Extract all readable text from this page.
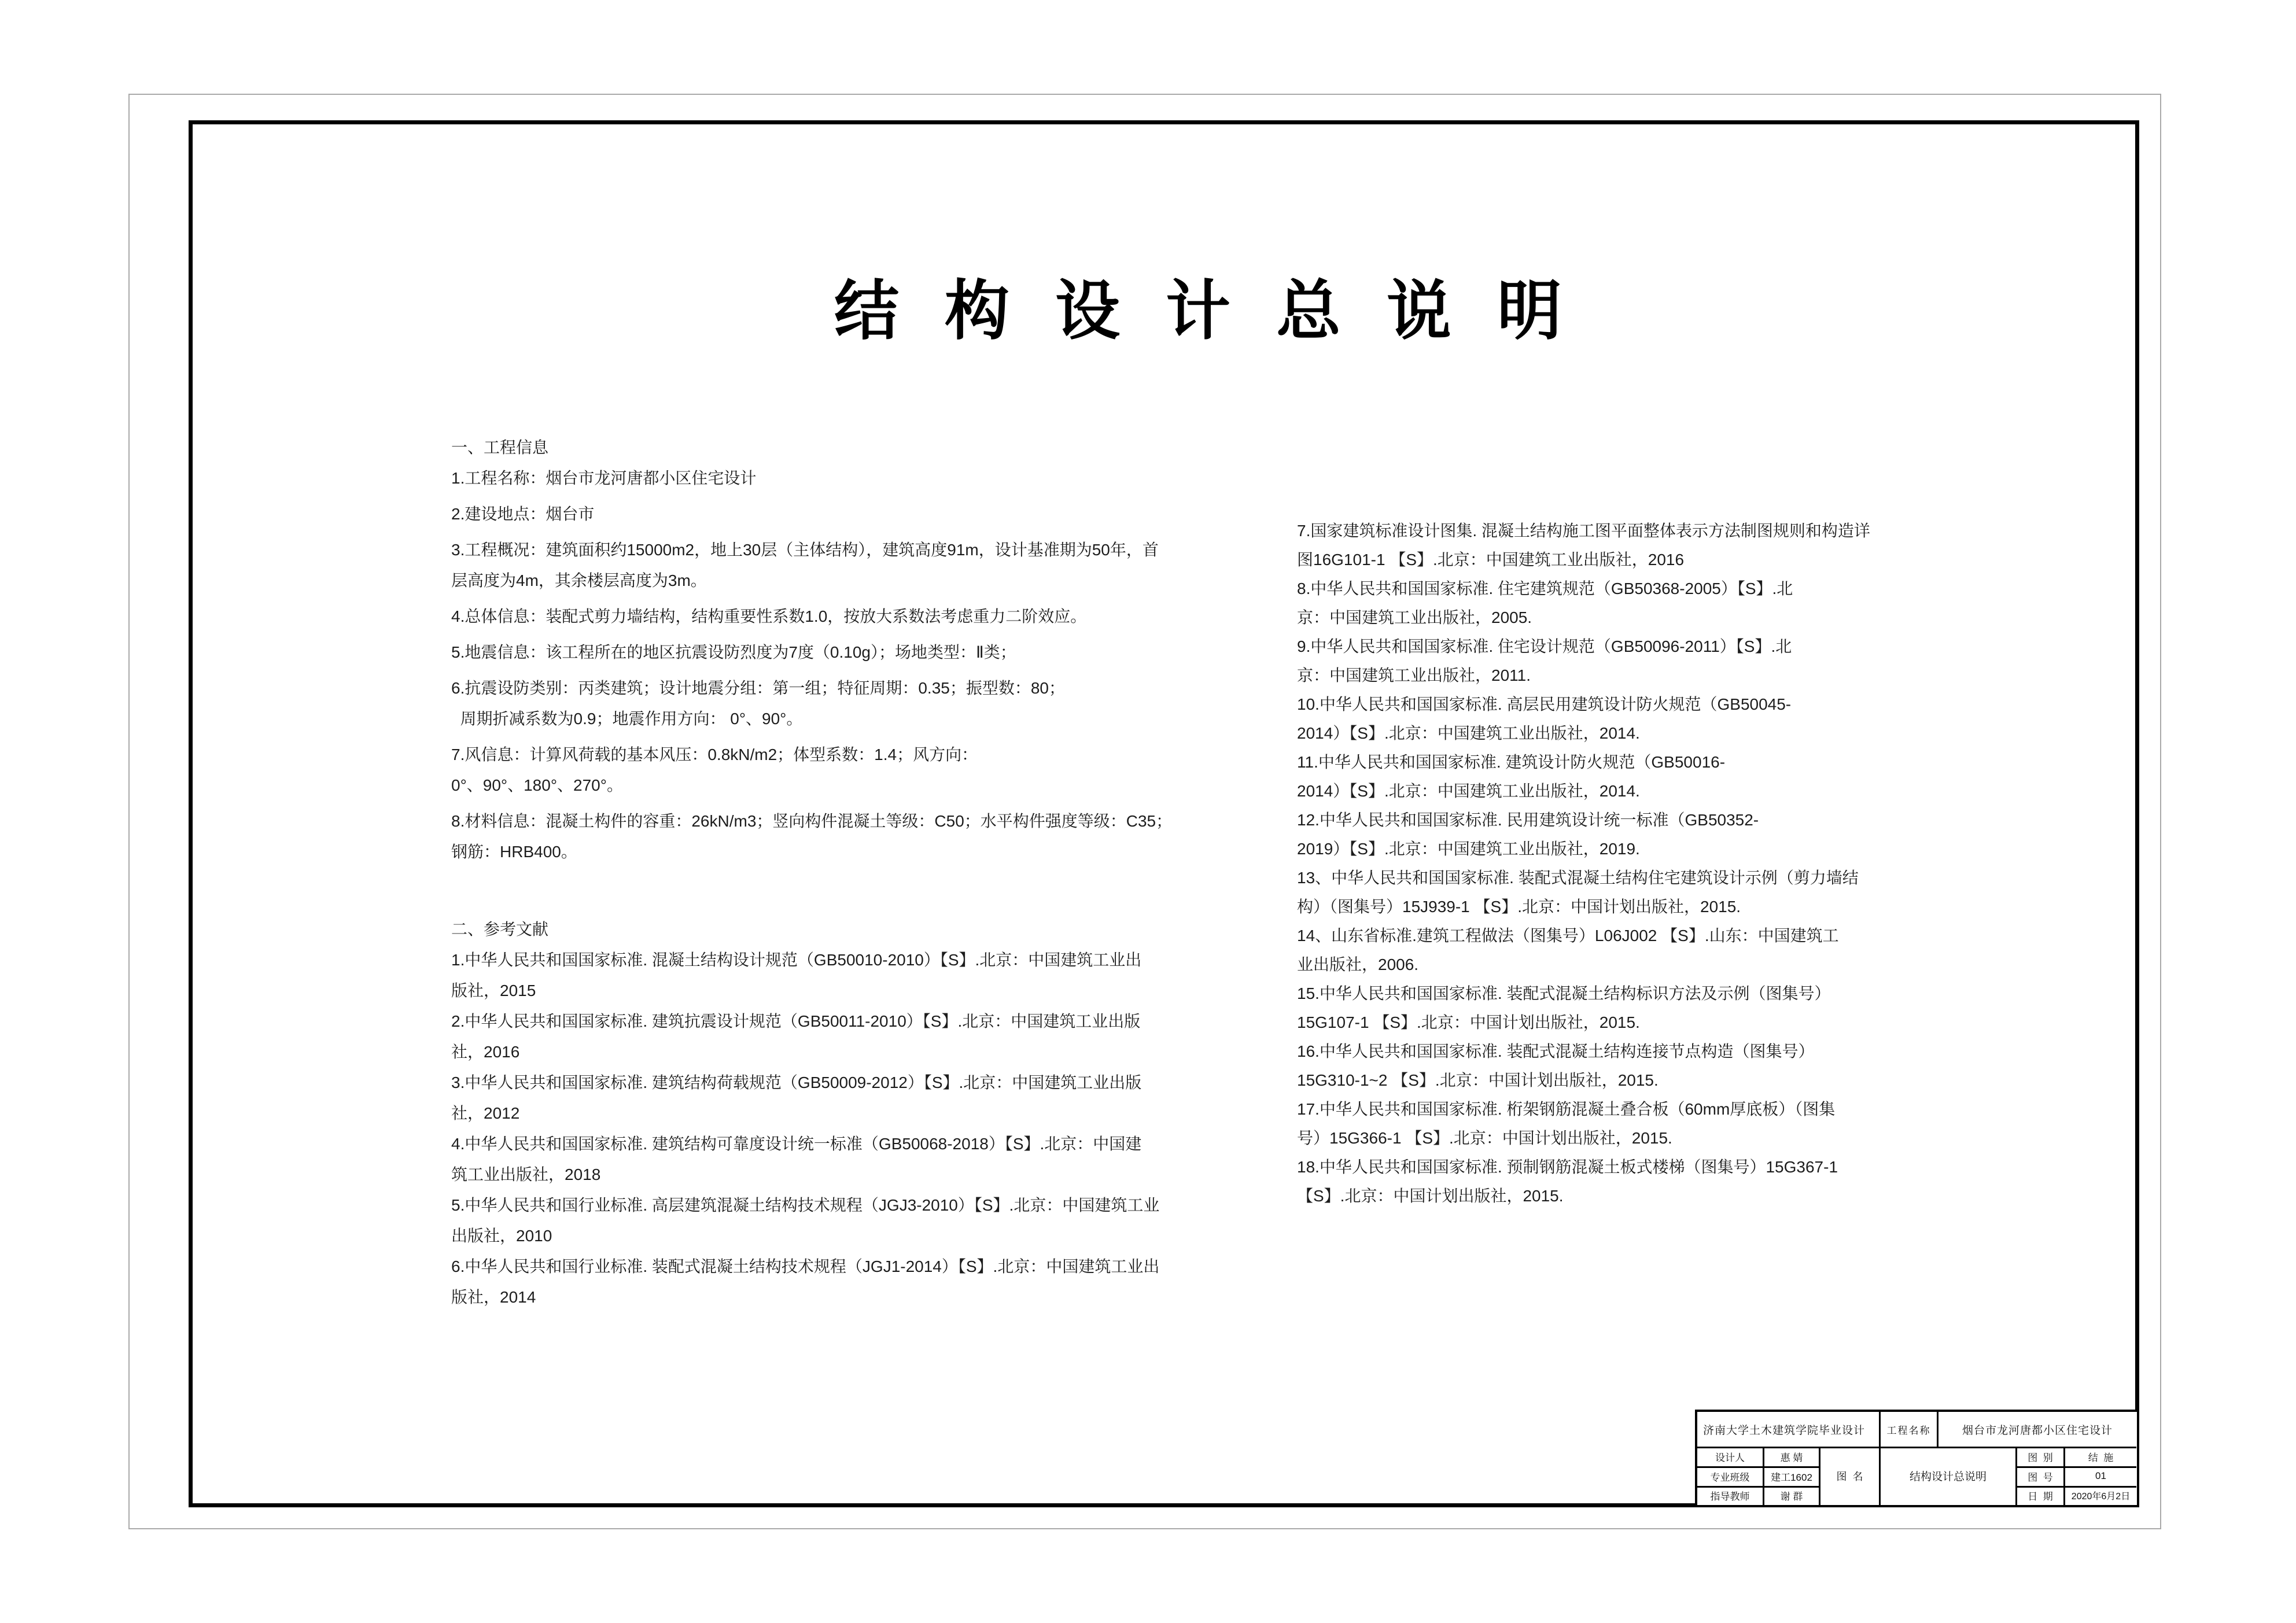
结构设计总说明
一、工程信息
1.工程名称：烟台市龙河唐都小区住宅设计
2.建设地点：烟台市
3.工程概况：建筑面积约15000m2，地上30层（主体结构），建筑高度91m，设计基准期为50年，首
层高度为4m，其余楼层高度为3m。
4.总体信息：装配式剪力墙结构，结构重要性系数1.0，按放大系数法考虑重力二阶效应。
5.地震信息：该工程所在的地区抗震设防烈度为7度（0.10g）；场地类型：Ⅱ类；
6.抗震设防类别：丙类建筑；设计地震分组：第一组；特征周期：0.35；振型数：80；
周期折减系数为0.9；地震作用方向： 0°、90°。
7.风信息：计算风荷载的基本风压：0.8kN/m2；体型系数：1.4；风方向：
0°、90°、180°、270°。
8.材料信息：混凝土构件的容重：26kN/m3；竖向构件混凝土等级：C50；水平构件强度等级：C35；
钢筋：HRB400。
二、参考文献
1.中华人民共和国国家标准. 混凝土结构设计规范（GB50010-2010）【S】.北京：中国建筑工业出
版社，2015
2.中华人民共和国国家标准. 建筑抗震设计规范（GB50011-2010）【S】.北京：中国建筑工业出版
社，2016
3.中华人民共和国国家标准. 建筑结构荷载规范（GB50009-2012）【S】.北京：中国建筑工业出版
社，2012
4.中华人民共和国国家标准. 建筑结构可靠度设计统一标准（GB50068-2018）【S】.北京：中国建
筑工业出版社，2018
5.中华人民共和国行业标准. 高层建筑混凝土结构技术规程（JGJ3-2010）【S】.北京：中国建筑工业
出版社，2010
6.中华人民共和国行业标准. 装配式混凝土结构技术规程（JGJ1-2014）【S】.北京：中国建筑工业出
版社，2014
7.国家建筑标准设计图集. 混凝土结构施工图平面整体表示方法制图规则和构造详
图16G101-1 【S】.北京：中国建筑工业出版社，2016
8.中华人民共和国国家标准. 住宅建筑规范（GB50368-2005）【S】.北
京：中国建筑工业出版社，2005.
9.中华人民共和国国家标准. 住宅设计规范（GB50096-2011）【S】.北
京：中国建筑工业出版社，2011.
10.中华人民共和国国家标准. 高层民用建筑设计防火规范（GB50045-
2014）【S】.北京：中国建筑工业出版社，2014.
11.中华人民共和国国家标准. 建筑设计防火规范（GB50016-
2014）【S】.北京：中国建筑工业出版社，2014.
12.中华人民共和国国家标准. 民用建筑设计统一标准（GB50352-
2019）【S】.北京：中国建筑工业出版社，2019.
13、中华人民共和国国家标准. 装配式混凝土结构住宅建筑设计示例（剪力墙结
构）（图集号）15J939-1 【S】.北京：中国计划出版社，2015.
14、山东省标准.建筑工程做法（图集号）L06J002 【S】.山东：中国建筑工
业出版社，2006.
15.中华人民共和国国家标准. 装配式混凝土结构标识方法及示例（图集号）
15G107-1 【S】.北京：中国计划出版社，2015.
16.中华人民共和国国家标准. 装配式混凝土结构连接节点构造（图集号）
15G310-1~2 【S】.北京：中国计划出版社，2015.
17.中华人民共和国国家标准. 桁架钢筋混凝土叠合板（60mm厚底板）（图集
号）15G366-1 【S】.北京：中国计划出版社，2015.
18.中华人民共和国国家标准. 预制钢筋混凝土板式楼梯（图集号）15G367-1
【S】.北京：中国计划出版社，2015.
济南大学土木建筑学院毕业设计	工程名称	烟台市龙河唐都小区住宅设计
设计人	惠 婧
专业班级	建工1602
指导教师	谢 群
图  名	结构设计总说明
图  别	结  施
图  号	01
日  期	2020年6月2日
